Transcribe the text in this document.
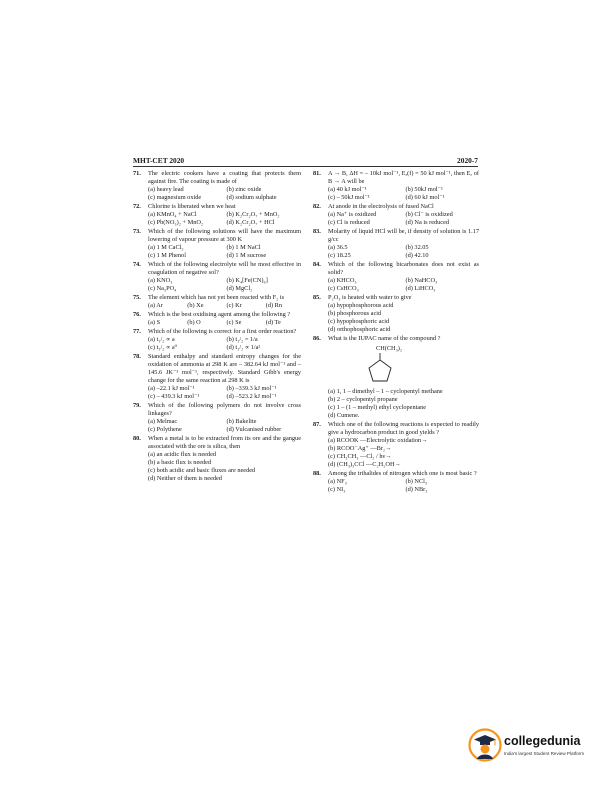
MHT-CET 2020	2020-7
71.	The electric cookers have a coating that protects them against fire. The coating is made of
(a) heavy lead	(b) zinc oxide
(c) magnesium oxide	(d) sodium sulphate
72.	Chlorine is liberated when we heat
(a) KMnO₄ + NaCl	(b) K₂Cr₂O₇ + MnO₂
(c) Pb(NO₃)₂ + MnO₂	(d) K₂Cr₂O₇ + HCl
73.	Which of the following solutions will have the maximum lowering of vapour pressure at 300 K
(a) 1 M CaCl₂	(b) 1 M NaCl
(c) 1 M Phenol	(d) 1 M sucrose
74.	Which of the following electrolyte will be most effective in coagulation of negative sol?
(a) KNO₃	(b) K₄[Fe(CN)₆]
(c) Na₃PO₄	(d) MgCl₂
75.	The element which has not yet been reacted with F₂ is
(a) Ar	(b) Xe	(c) Kr	(d) Rn
76.	Which is the best oxidising agent among the following ?
(a) S	(b) O	(c) Se	(d) Te
77.	Which of the following is correct for a first order reaction?
(a) t₁/₂ ∝ a	(b) t₁/₂ = 1/a
(c) t₁/₂ ∝ a⁰	(d) t₁/₂ ∝ 1/a²
78.	Standard enthalpy and standard entropy changes for the oxidation of ammonia at 298 K are – 382.64 kJ mol⁻¹ and –145.6 JK⁻¹ mol⁻¹, respectively. Standard Gibb's energy change for the same reaction at 298 K is
(a) –22.1 kJ mol⁻¹	(b) –339.3 kJ mol⁻¹
(c) – 439.3 kJ mol⁻¹	(d) –523.2 kJ mol⁻¹
79.	Which of the following polymers do not involve cross linkages?
(a) Melmac	(b) Bakelite
(c) Polythene	(d) Vulcanised rubber
80.	When a metal is to be extracted from its ore and the gangue associated with the ore is silica, then
(a) an acidic flux is needed
(b) a basic flux is needed
(c) both acidic and basic fluxes are needed
(d) Neither of them is needed
81.	A → B, ΔH = – 10kJ mol⁻¹, Eₐ(f) = 50 kJ mol⁻¹, then Eₐ of B → A will be
(a) 40 kJ mol⁻¹	(b) 50kJ mol⁻¹
(c) – 50kJ mol⁻¹	(d) 60 kJ mol⁻¹
82.	At anode in the electrolysis of fused NaCl
(a) Na⁺ is oxidized	(b) Cl⁻ is oxidized
(c) Cl is reduced	(d) Na is reduced
83.	Molarity of liquid HCl will be, if density of solution is 1.17 g/cc
(a) 36.5	(b) 32.05
(c) 18.25	(d) 42.10
84.	Which of the following bicarbonates does not exist as solid?
(a) KHCO₃	(b) NaHCO₃
(c) CsHCO₃	(d) LiHCO₃
85.	P₂O₃ is heated with water to give
(a) hypophosphorous acid
(b) phosphorous acid
(c) hypophosphoric acid
(d) orthophosphoric acid
86.	What is the IUPAC name of the compound ?
CH(CH₃)₂
(a) 1, 1 – dimethyl – 1 – cyclopentyl methane
(b) 2 – cyclopentyl propane
(c) 1 – (1 – methyl) ethyl cyclopentane
(d) Cumene.
87.	Which one of the following reactions is expected to readily give a hydrocarbon product in good yields ?
(a) RCOOK —Electrolytic oxidation→
(b) RCOO⁻Ag⁺ —Br₂→
(c) CH₃CH₃ —Cl₂ / hν→
(d) (CH₃)₃CCl —C₂H₅OH→
88.	Among the trihalides of nitrogen which one is most basic ?
(a) NF₃	(b) NCl₃
(c) NI₃	(d) NBr₃
collegedunia
India's largest Student Review Platform
